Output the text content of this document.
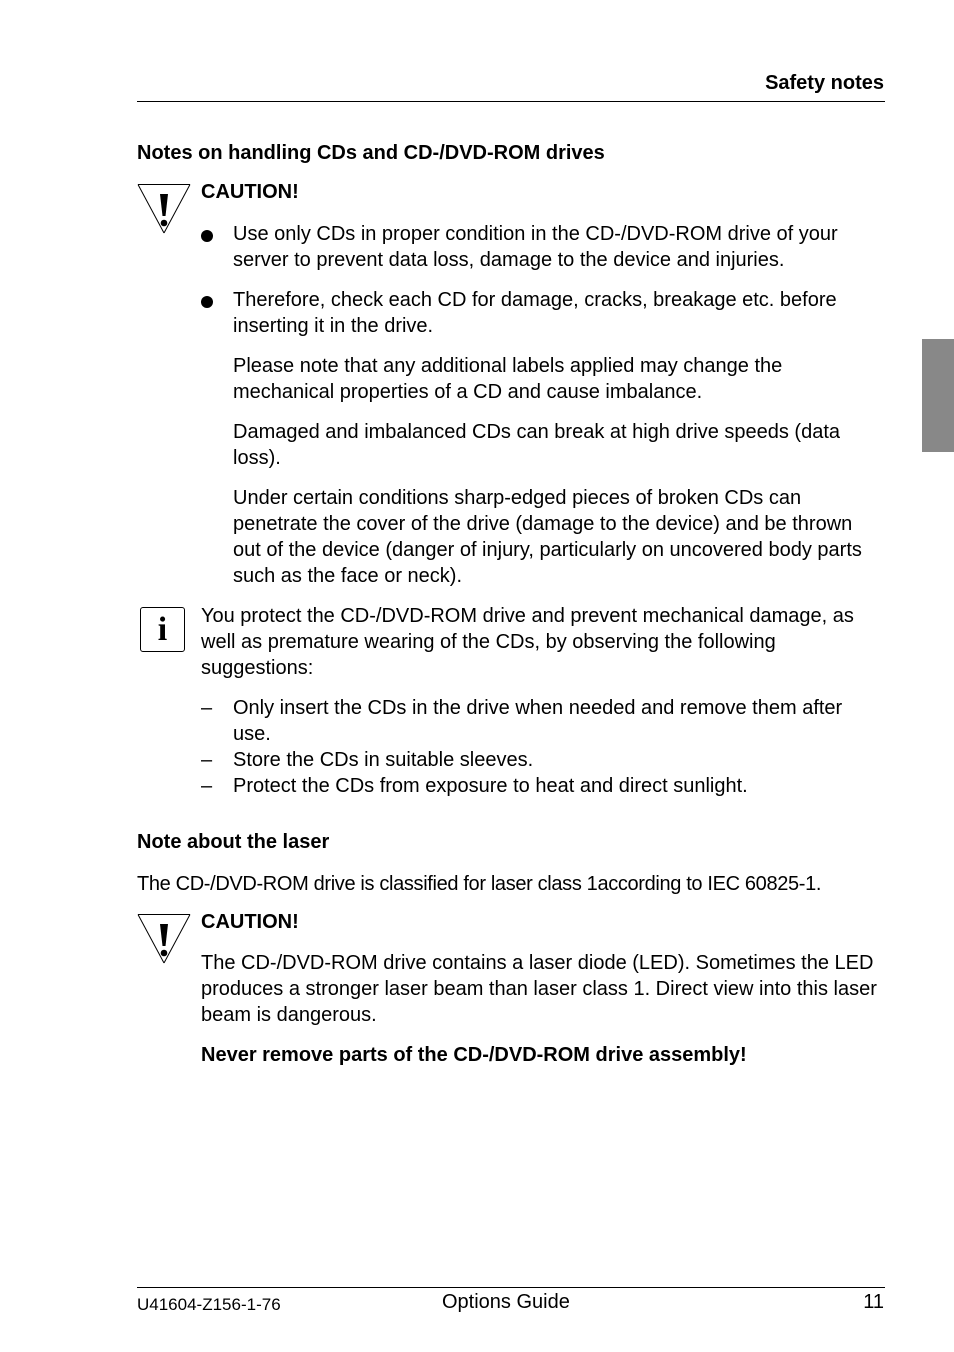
Safety notes
Notes on handling CDs and CD-/DVD-ROM drives
CAUTION!

Use only CDs in proper condition in the CD-/DVD-ROM drive of your server to prevent data loss, damage to the device and injuries.

Therefore, check each CD for damage, cracks, breakage etc. before inserting it in the drive.

Please note that any additional labels applied may change the mechanical properties of a CD and cause imbalance.

Damaged and imbalanced CDs can break at high drive speeds (data loss).

Under certain conditions sharp-edged pieces of broken CDs can penetrate the cover of the drive (damage to the device) and be thrown out of the device (danger of injury, particularly on uncovered body parts such as the face or neck).

i	You protect the CD-/DVD-ROM drive and prevent mechanical damage, as well as premature wearing of the CDs, by observing the following suggestions:

– Only insert the CDs in the drive when needed and remove them after use.

– Store the CDs in suitable sleeves.

– Protect the CDs from exposure to heat and direct sunlight.

Note about the laser

The CD-/DVD-ROM drive is classified for laser class 1according to IEC 60825-1.

CAUTION!

The CD-/DVD-ROM drive contains a laser diode (LED). Sometimes the LED produces a stronger laser beam than laser class 1. Direct view into this laser beam is dangerous.

Never remove parts of the CD-/DVD-ROM drive assembly!

U41604-Z156-1-76	Options Guide	11
